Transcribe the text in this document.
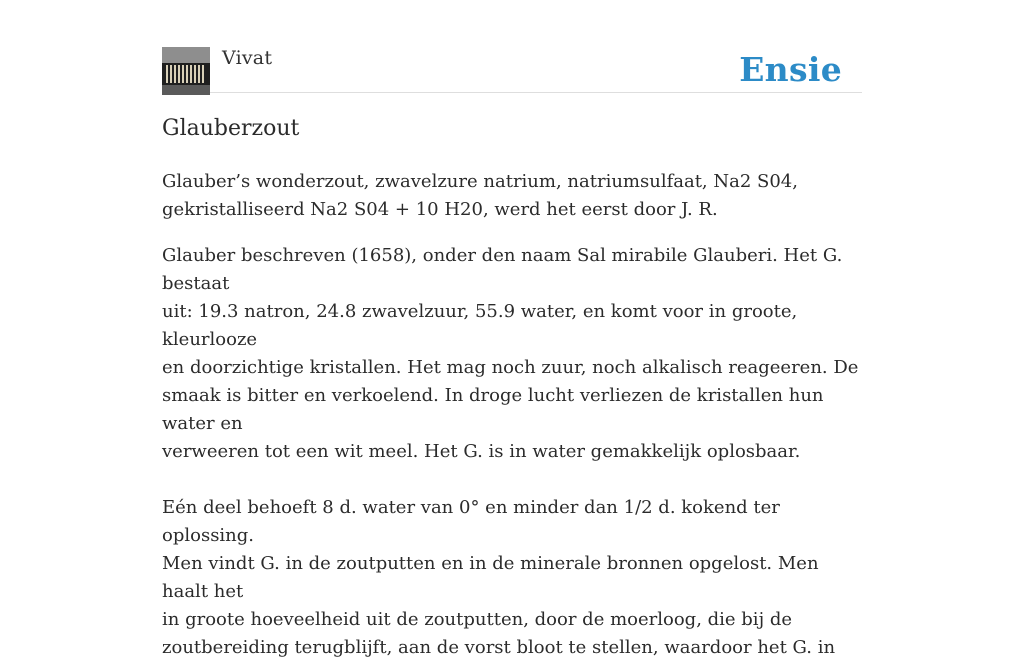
Vivat	Ensie
Glauberzout

Glauber’s wonderzout, zwavelzure natrium, natriumsulfaat, Na2 S04,
gekristalliseerd Na2 S04 + 10 H20, werd het eerst door J. R.

Glauber beschreven (1658), onder den naam Sal mirabile Glauberi. Het G. bestaat
uit: 19.3 natron, 24.8 zwavelzuur, 55.9 water, en komt voor in groote, kleurlooze
en doorzichtige kristallen. Het mag noch zuur, noch alkalisch reageeren. De
smaak is bitter en verkoelend. In droge lucht verliezen de kristallen hun water en
verweeren tot een wit meel. Het G. is in water gemakkelijk oplosbaar.

Eén deel behoeft 8 d. water van 0° en minder dan 1/2 d. kokend ter oplossing.
Men vindt G. in de zoutputten en in de minerale bronnen opgelost. Men haalt het
in groote hoeveelheid uit de zoutputten, door de moerloog, die bij de
zoutbereiding terugblijft, aan de vorst bloot te stellen, waardoor het G. in
